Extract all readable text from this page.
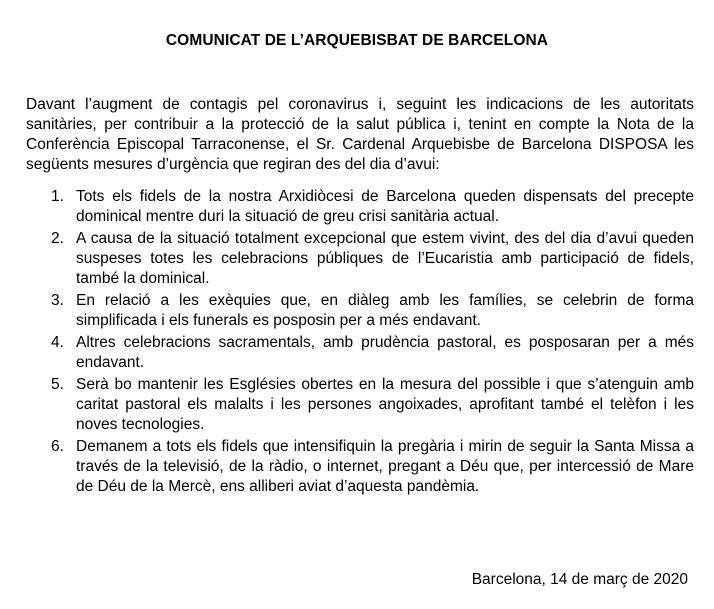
COMUNICAT DE L’ARQUEBISBAT DE BARCELONA

Davant l’augment de contagis pel coronavirus i, seguint les indicacions de les autoritats sanitàries, per contribuir a la protecció de la salut pública i, tenint en compte la Nota de la Conferència Episcopal Tarraconense, el Sr. Cardenal Arquebisbe de Barcelona DISPOSA les següents mesures d’urgència que regiran des del dia d’avui:

1. Tots els fidels de la nostra Arxidiòcesi de Barcelona queden dispensats del precepte dominical mentre duri la situació de greu crisi sanitària actual.
2. A causa de la situació totalment excepcional que estem vivint, des del dia d’avui queden suspeses totes les celebracions públiques de l’Eucaristia amb participació de fidels, també la dominical.
3. En relació a les exèquies que, en diàleg amb les famílies, se celebrin de forma simplificada i els funerals es posposin per a més endavant.
4. Altres celebracions sacramentals, amb prudència pastoral, es posposaran per a més endavant.
5. Serà bo mantenir les Esglésies obertes en la mesura del possible i que s’atenguin amb caritat pastoral els malalts i les persones angoixades, aprofitant també el telèfon i les noves tecnologies.
6. Demanem a tots els fidels que intensifiquin la pregària i mirin de seguir la Santa Missa a través de la televisió, de la ràdio, o internet, pregant a Déu que, per intercessió de Mare de Déu de la Mercè, ens alliberi aviat d’aquesta pandèmia.
Barcelona, 14 de març de 2020
